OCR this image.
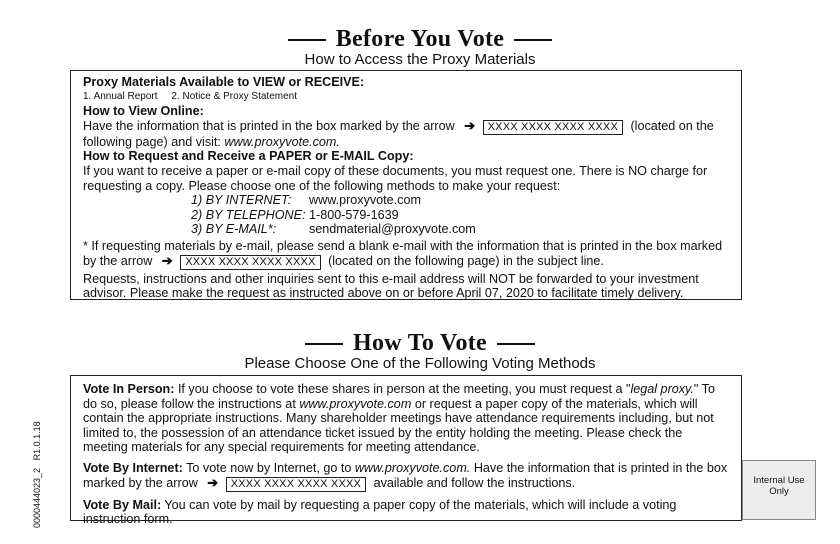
Before You Vote
How to Access the Proxy Materials
Proxy Materials Available to VIEW or RECEIVE:
1. Annual Report     2. Notice & Proxy Statement
How to View Online:
Have the information that is printed in the box marked by the arrow ➔ XXXX XXXX XXXX XXXX (located on the following page) and visit: www.proxyvote.com.
How to Request and Receive a PAPER or E-MAIL Copy:
If you want to receive a paper or e-mail copy of these documents, you must request one. There is NO charge for requesting a copy. Please choose one of the following methods to make your request:
1) BY INTERNET: www.proxyvote.com
2) BY TELEPHONE: 1-800-579-1639
3) BY E-MAIL*:	sendmaterial@proxyvote.com
* If requesting materials by e-mail, please send a blank e-mail with the information that is printed in the box marked by the arrow ➔ XXXX XXXX XXXX XXXX (located on the following page) in the subject line.
Requests, instructions and other inquiries sent to this e-mail address will NOT be forwarded to your investment advisor. Please make the request as instructed above on or before April 07, 2020 to facilitate timely delivery.
How To Vote
Please Choose One of the Following Voting Methods
Vote In Person: If you choose to vote these shares in person at the meeting, you must request a "legal proxy." To do so, please follow the instructions at www.proxyvote.com or request a paper copy of the materials, which will contain the appropriate instructions. Many shareholder meetings have attendance requirements including, but not limited to, the possession of an attendance ticket issued by the entity holding the meeting. Please check the meeting materials for any special requirements for meeting attendance.
Vote By Internet: To vote now by Internet, go to www.proxyvote.com. Have the information that is printed in the box marked by the arrow ➔ XXXX XXXX XXXX XXXX available and follow the instructions.
Vote By Mail: You can vote by mail by requesting a paper copy of the materials, which will include a voting instruction form.
0000444023_2   R1.0.1.18	Internal Use Only
